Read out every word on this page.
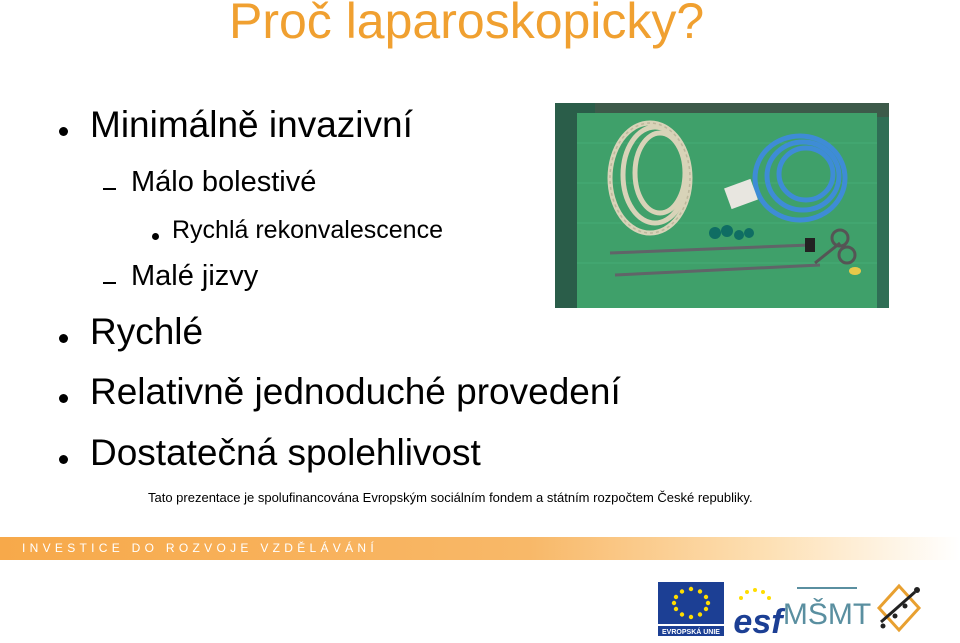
Proč laparoskopicky?
Minimálně invazivní
Málo bolestivé
Rychlá rekonvalescence
Malé jizvy
Rychlé
Relativně jednoduché provedení
Dostatečná spolehlivost
Tato prezentace je spolufinancována Evropským sociálním fondem a státním rozpočtem České republiky.
INVESTICE DO ROZVOJE VZDĚLÁVÁNÍ
EVROPSKÁ UNIE esf MŠMT
